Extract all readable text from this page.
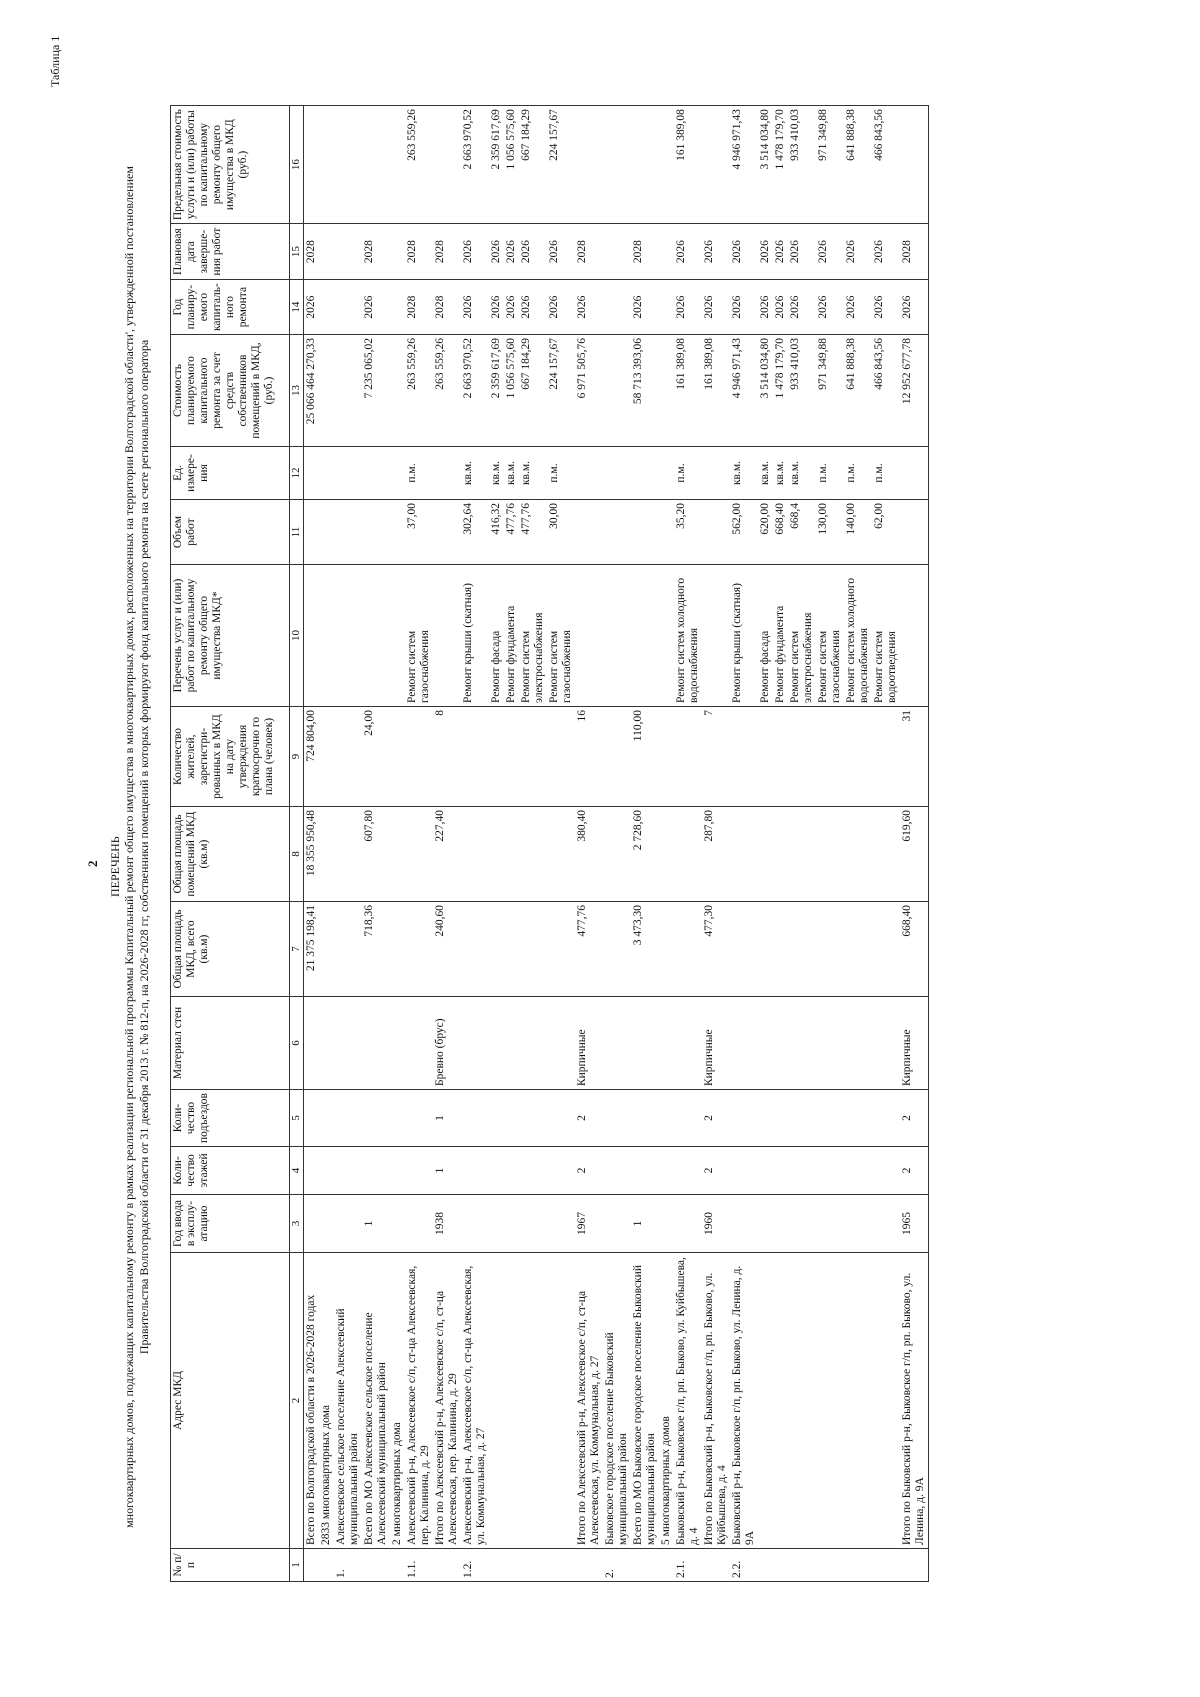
2
Таблица 1
ПЕРЕЧЕНЬ многоквартирных домов, подлежащих капитальному ремонту в рамках реализации региональной программы Капитальный ремонт общего имущества в многоквартирных домах, расположенных на территории Волгоградской области', утвержденной постановлением Правительства Волгоградской области от 31 декабря 2013 г. № 812-п, на 2026-2028 гг, собственники помещений в которых формируют фонд капитального ремонта на счете регионального оператора
№ п/п	Адрес МКД	Год ввода в эксплуатацию	Количество этажей	Количество подъездов	Материал стен	Общая площадь МКД, всего (кв.м)	Общая площадь помещений МКД (кв.м)	Количество жителей, зарегистрированных в МКД на дату утверждения краткосрочно го плана (человек)	Перечень услуг и (или) работ по капитальному ремонту общего имущества МКД*	Объем работ	Ед. измерения	Стоимость планируемого капитального ремонта за счет средств собственников помещений в МКД, (руб.)	Год планируемого капитального ремонта	Плановая дата завершения работ	Предельная стоимость услуги и (или) работы по капитальному ремонту общего имущества в МКД (руб.)
1	2	3	4	5	6	7	8	9	10	11	12	13	14	15	16
	Всего по Волгоградской области в 2026-2028 годах					21 375 198,41	18 355 950,48	724 804,00				25 066 464 270,33	2026	2028	
	2833 многоквартирных дома														
1.	Алексеевское сельское поселение Алексеевский муниципальный район														
	Всего по МО Алексеевское сельское поселение Алексеевский муниципальный район	1				718,36	607,80	24,00				7 235 065,02	2026	2028	
	2 многоквартирных дома														
1.1.	Алексеевский р-н, Алексеевское с/п, ст-ца Алексеевская, пер. Калинина, д. 29								Ремонт систем газоснабжения	37,00	п.м.	263 559,26	2028	2028	263 559,26
	Итого по Алексеевский р-н, Алексеевское с/п, ст-ца Алексеевская, пер. Калинина, д. 29	1938	1	1	Бревно (брус)	240,60	227,40	8				263 559,26	2028	2028	
1.2.	Алексеевский р-н, Алексеевское с/п, ст-ца Алексеевская, ул. Коммунальная, д. 27								Ремонт крыши (скатная)	302,64	кв.м.	2 663 970,52	2026	2026	2 663 970,52
									Ремонт фасада	416,32	кв.м.	2 359 617,69	2026	2026	2 359 617,69
									Ремонт фундамента	477,76	кв.м.	1 056 575,60	2026	2026	1 056 575,60
									Ремонт систем электроснабжения	477,76	кв.м.	667 184,29	2026	2026	667 184,29
									Ремонт систем газоснабжения	30,00	п.м.	224 157,67	2026	2026	224 157,67
	Итого по Алексеевский р-н, Алексеевское с/п, ст-ца Алексеевская, ул. Коммунальная, д. 27	1967	2	2	Кирпичные	477,76	380,40	16				6 971 505,76	2026	2028	
2.	Быковское городское поселение Быковский муниципальный район														
	Всего по МО Быковское городское поселение Быковский муниципальный район	1				3 473,30	2 728,60	110,00				58 713 393,06	2026	2028	
	5 многоквартирных домов														
2.1.	Быковский р-н, Быковское г/п, рп. Быково, ул. Куйбышева, д. 4								Ремонт систем холодного водоснабжения	35,20	п.м.	161 389,08	2026	2026	161 389,08
	Итого по Быковский р-н, Быковское г/п, рп. Быково, ул. Куйбышева, д. 4	1960	2	2	Кирпичные	477,30	287,80	7				161 389,08	2026	2026	
2.2.	Быковский р-н, Быковское г/п, рп. Быково, ул. Ленина, д. 9А								Ремонт крыши (скатная)	562,00	кв.м.	4 946 971,43	2026	2026	4 946 971,43
									Ремонт фасада	620,00	кв.м.	3 514 034,80	2026	2026	3 514 034,80
									Ремонт фундамента	668,40	кв.м.	1 478 179,70	2026	2026	1 478 179,70
									Ремонт систем электроснабжения	668,4	кв.м.	933 410,03	2026	2026	933 410,03
									Ремонт систем газоснабжения	130,00	п.м.	971 349,88	2026	2026	971 349,88
									Ремонт систем холодного водоснабжения	140,00	п.м.	641 888,38	2026	2026	641 888,38
									Ремонт систем водоотведения	62,00	п.м.	466 843,56	2026	2026	466 843,56
	Итого по Быковский р-н, Быковское г/п, рп. Быково, ул. Ленина, д. 9А	1965	2	2	Кирпичные	668,40	619,60	31				12 952 677,78	2026	2028	
